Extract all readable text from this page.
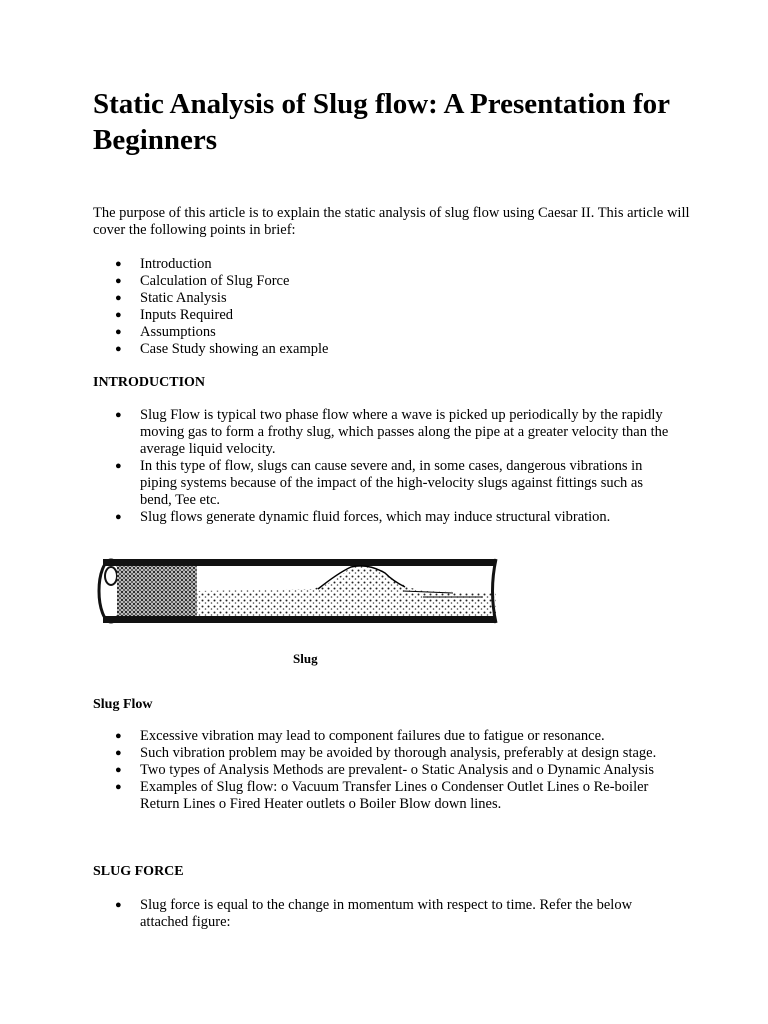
Static Analysis of Slug flow: A Presentation for Beginners

The purpose of this article is to explain the static analysis of slug flow using Caesar II. This article will cover the following points in brief:

● Introduction
● Calculation of Slug Force
● Static Analysis
● Inputs Required
● Assumptions
● Case Study showing an example
INTRODUCTION
● Slug Flow is typical two phase flow where a wave is picked up periodically by the rapidly moving gas to form a frothy slug, which passes along the pipe at a greater velocity than the average liquid velocity.
● In this type of flow, slugs can cause severe and, in some cases, dangerous vibrations in piping systems because of the impact of the high-velocity slugs against fittings such as bend, Tee etc.
● Slug flows generate dynamic fluid forces, which may induce structural vibration.
Slug
Slug Flow
● Excessive vibration may lead to component failures due to fatigue or resonance.
● Such vibration problem may be avoided by thorough analysis, preferably at design stage.
● Two types of Analysis Methods are prevalent- o Static Analysis and o Dynamic Analysis
● Examples of Slug flow: o Vacuum Transfer Lines o Condenser Outlet Lines o Re-boiler Return Lines o Fired Heater outlets o Boiler Blow down lines.
SLUG FORCE
● Slug force is equal to the change in momentum with respect to time. Refer the below attached figure:
